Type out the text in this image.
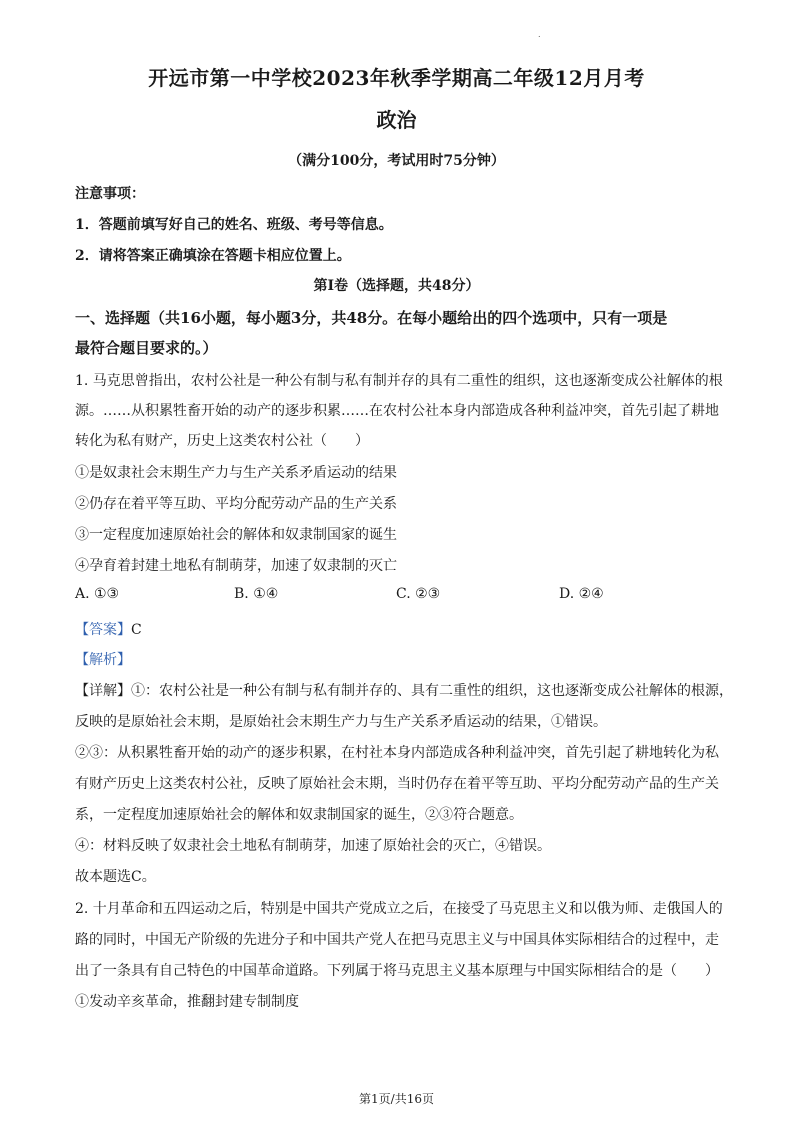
.
开远市第一中学校2023年秋季学期高二年级12月月考
政治
（满分100分，考试用时75分钟）
注意事项：
1．答题前填写好自己的姓名、班级、考号等信息。
2．请将答案正确填涂在答题卡相应位置上。
第I卷（选择题，共48分）
一、选择题（共16小题，每小题3分，共48分。在每小题给出的四个选项中，只有一项是
最符合题目要求的。）
1. 马克思曾指出，农村公社是一种公有制与私有制并存的具有二重性的组织，这也逐渐变成公社解体的根
源。……从积累牲畜开始的动产的逐步积累……在农村公社本身内部造成各种利益冲突，首先引起了耕地
转化为私有财产，历史上这类农村公社（　　）
①是奴隶社会末期生产力与生产关系矛盾运动的结果
②仍存在着平等互助、平均分配劳动产品的生产关系
③一定程度加速原始社会的解体和奴隶制国家的诞生
④孕育着封建土地私有制萌芽，加速了奴隶制的灭亡
A. ①③	B. ①④	C. ②③	D. ②④
【答案】C
【解析】
【详解】①：农村公社是一种公有制与私有制并存的、具有二重性的组织，这也逐渐变成公社解体的根源，
反映的是原始社会末期，是原始社会末期生产力与生产关系矛盾运动的结果，①错误。
②③：从积累牲畜开始的动产的逐步积累，在村社本身内部造成各种利益冲突，首先引起了耕地转化为私
有财产历史上这类农村公社，反映了原始社会末期，当时仍存在着平等互助、平均分配劳动产品的生产关
系，一定程度加速原始社会的解体和奴隶制国家的诞生，②③符合题意。
④：材料反映了奴隶社会土地私有制萌芽，加速了原始社会的灭亡，④错误。
故本题选C。
2. 十月革命和五四运动之后，特别是中国共产党成立之后，在接受了马克思主义和以俄为师、走俄国人的
路的同时，中国无产阶级的先进分子和中国共产党人在把马克思主义与中国具体实际相结合的过程中，走
出了一条具有自己特色的中国革命道路。下列属于将马克思主义基本原理与中国实际相结合的是（　　）
①发动辛亥革命，推翻封建专制制度
第1页/共16页
